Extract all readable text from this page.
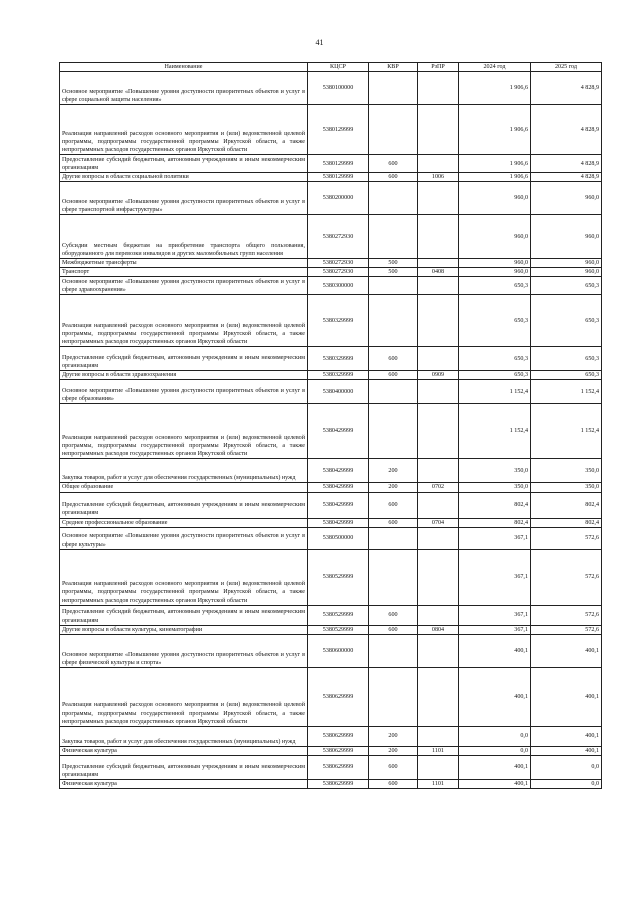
41
Наименование	КЦСР	КВР	РзПР	2024 год	2025 год
Основное мероприятие «Повышение уровня доступности приоритетных объектов и услуг в сфере социальной защиты населения»	5380100000			1 906,6	4 828,9
Реализация направлений расходов основного мероприятия и (или) ведомственной целевой программы, подпрограммы государственной программы Иркутской области, а также непрограммных расходов государственных органов Иркутской области	5380129999			1 906,6	4 828,9
Предоставление субсидий бюджетным, автономным учреждениям и иным некоммерческим организациям	5380129999	600		1 906,6	4 828,9
Другие вопросы в области социальной политики	5380129999	600	1006	1 906,6	4 828,9
Основное мероприятие «Повышение уровня доступности приоритетных объектов и услуг в сфере транспортной инфраструктуры»	5380200000			960,0	960,0
Субсидии местным бюджетам на приобретение транспорта общего пользования, оборудованного для перевозки инвалидов и других маломобильных групп населения	5380272930			960,0	960,0
Межбюджетные трансферты	5380272930	500		960,0	960,0
Транспорт	5380272930	500	0408	960,0	960,0
Основное мероприятие «Повышение уровня доступности приоритетных объектов и услуг в сфере здравоохранения»	5380300000			650,3	650,3
Реализация направлений расходов основного мероприятия и (или) ведомственной целевой программы, подпрограммы государственной программы Иркутской области, а также непрограммных расходов государственных органов Иркутской области	5380329999			650,3	650,3
Предоставление субсидий бюджетным, автономным учреждениям и иным некоммерческим организациям	5380329999	600		650,3	650,3
Другие вопросы в области здравоохранения	5380329999	600	0909	650,3	650,3
Основное мероприятие «Повышение уровня доступности приоритетных объектов и услуг в сфере образования»	5380400000			1 152,4	1 152,4
Реализация направлений расходов основного мероприятия и (или) ведомственной целевой программы, подпрограммы государственной программы Иркутской области, а также непрограммных расходов государственных органов Иркутской области	5380429999			1 152,4	1 152,4
Закупка товаров, работ и услуг для обеспечения государственных (муниципальных) нужд	5380429999	200		350,0	350,0
Общее образование	5380429999	200	0702	350,0	350,0
Предоставление субсидий бюджетным, автономным учреждениям и иным некоммерческим организациям	5380429999	600		802,4	802,4
Среднее профессиональное образование	5380429999	600	0704	802,4	802,4
Основное мероприятие «Повышение уровня доступности приоритетных объектов и услуг в сфере культуры»	5380500000			367,1	572,6
Реализация направлений расходов основного мероприятия и (или) ведомственной целевой программы, подпрограммы государственной программы Иркутской области, а также непрограммных расходов государственных органов Иркутской области	5380529999			367,1	572,6
Предоставление субсидий бюджетным, автономным учреждениям и иным некоммерческим организациям	5380529999	600		367,1	572,6
Другие вопросы в области культуры, кинематографии	5380529999	600	0804	367,1	572,6
Основное мероприятие «Повышение уровня доступности приоритетных объектов и услуг в сфере физической культуры и спорта»	5380600000			400,1	400,1
Реализация направлений расходов основного мероприятия и (или) ведомственной целевой программы, подпрограммы государственной программы Иркутской области, а также непрограммных расходов государственных органов Иркутской области	5380629999			400,1	400,1
Закупка товаров, работ и услуг для обеспечения государственных (муниципальных) нужд	5380629999	200		0,0	400,1
Физическая культура	5380629999	200	1101	0,0	400,1
Предоставление субсидий бюджетным, автономным учреждениям и иным некоммерческим организациям	5380629999	600		400,1	0,0
Физическая культура	5380629999	600	1101	400,1	0,0
